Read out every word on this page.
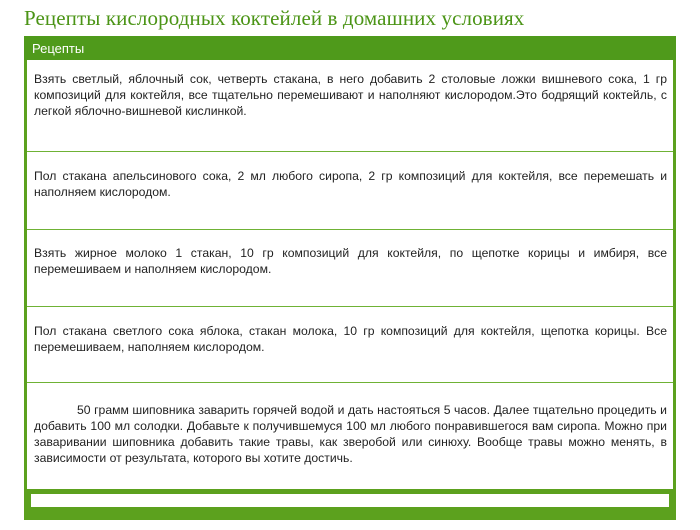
Рецепты кислородных коктейлей в домашних условиях
Рецепты

Взять светлый, яблочный сок, четверть стакана, в него добавить 2 столовые ложки вишневого сока, 1 гр композиций для коктейля, все тщательно перемешивают и наполняют кислородом.Это бодрящий коктейль, с легкой яблочно-вишневой кислинкой.

Пол стакана апельсинового сока, 2 мл любого сиропа, 2 гр композиций для коктейля, все перемешать и наполняем кислородом.

Взять жирное молоко 1 стакан, 10 гр композиций для коктейля, по щепотке корицы и имбиря, все перемешиваем и наполняем кислородом.

Пол стакана светлого сока яблока, стакан молока, 10 гр композиций для коктейля, щепотка корицы. Все перемешиваем, наполняем кислородом.

50 грамм шиповника заварить горячей водой и дать настояться 5 часов. Далее тщательно процедить и добавить 100 мл солодки. Добавьте к получившемуся 100 мл любого понравившегося вам сиропа. Можно при заваривании шиповника добавить такие травы, как зверобой или синюху. Вообще травы можно менять, в зависимости от результата, которого вы хотите достичь.
